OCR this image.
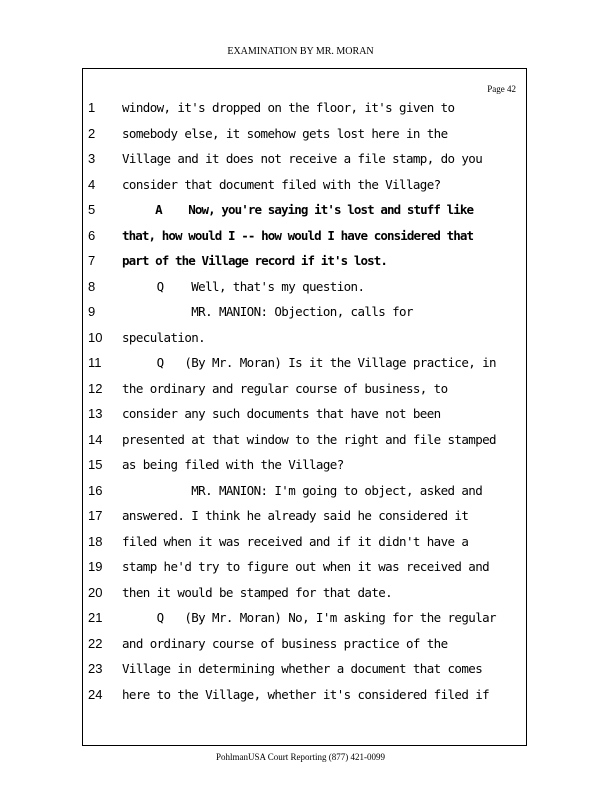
EXAMINATION BY MR. MORAN
Page 42
1	window, it's dropped on the floor, it's given to
2	somebody else, it somehow gets lost here in the
3	Village and it does not receive a file stamp, do you
4	consider that document filed with the Village?
5	A    Now, you're saying it's lost and stuff like
6	that, how would I -- how would I have considered that
7	part of the Village record if it's lost.
8	Q    Well, that's my question.
9	MR. MANION: Objection, calls for
10	speculation.
11	Q   (By Mr. Moran) Is it the Village practice, in
12	the ordinary and regular course of business, to
13	consider any such documents that have not been
14	presented at that window to the right and file stamped
15	as being filed with the Village?
16	MR. MANION: I'm going to object, asked and
17	answered. I think he already said he considered it
18	filed when it was received and if it didn't have a
19	stamp he'd try to figure out when it was received and
20	then it would be stamped for that date.
21	Q   (By Mr. Moran) No, I'm asking for the regular
22	and ordinary course of business practice of the
23	Village in determining whether a document that comes
24	here to the Village, whether it's considered filed if
PohlmanUSA Court Reporting (877) 421-0099
